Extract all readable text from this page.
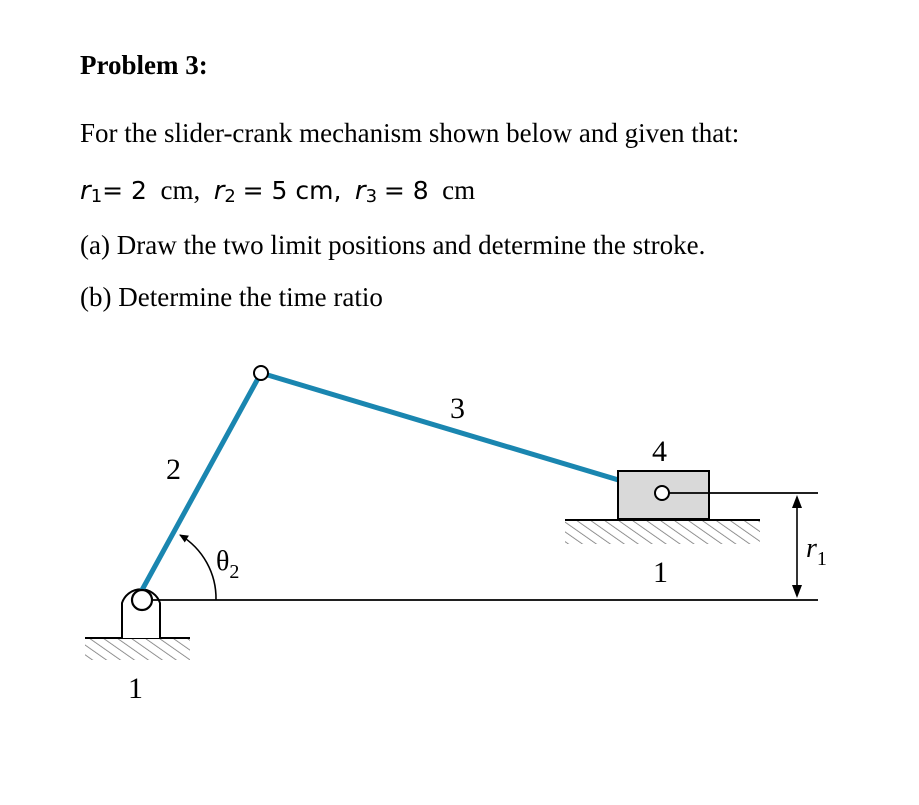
Problem 3:
For the slider-crank mechanism shown below and given that:
r1= 2 cm, r2 = 5 cm, r3 = 8 cm
(a) Draw the two limit positions and determine the stroke.
(b) Determine the time ratio
2
3
4
1
1
$\theta_2$
$r_1$
